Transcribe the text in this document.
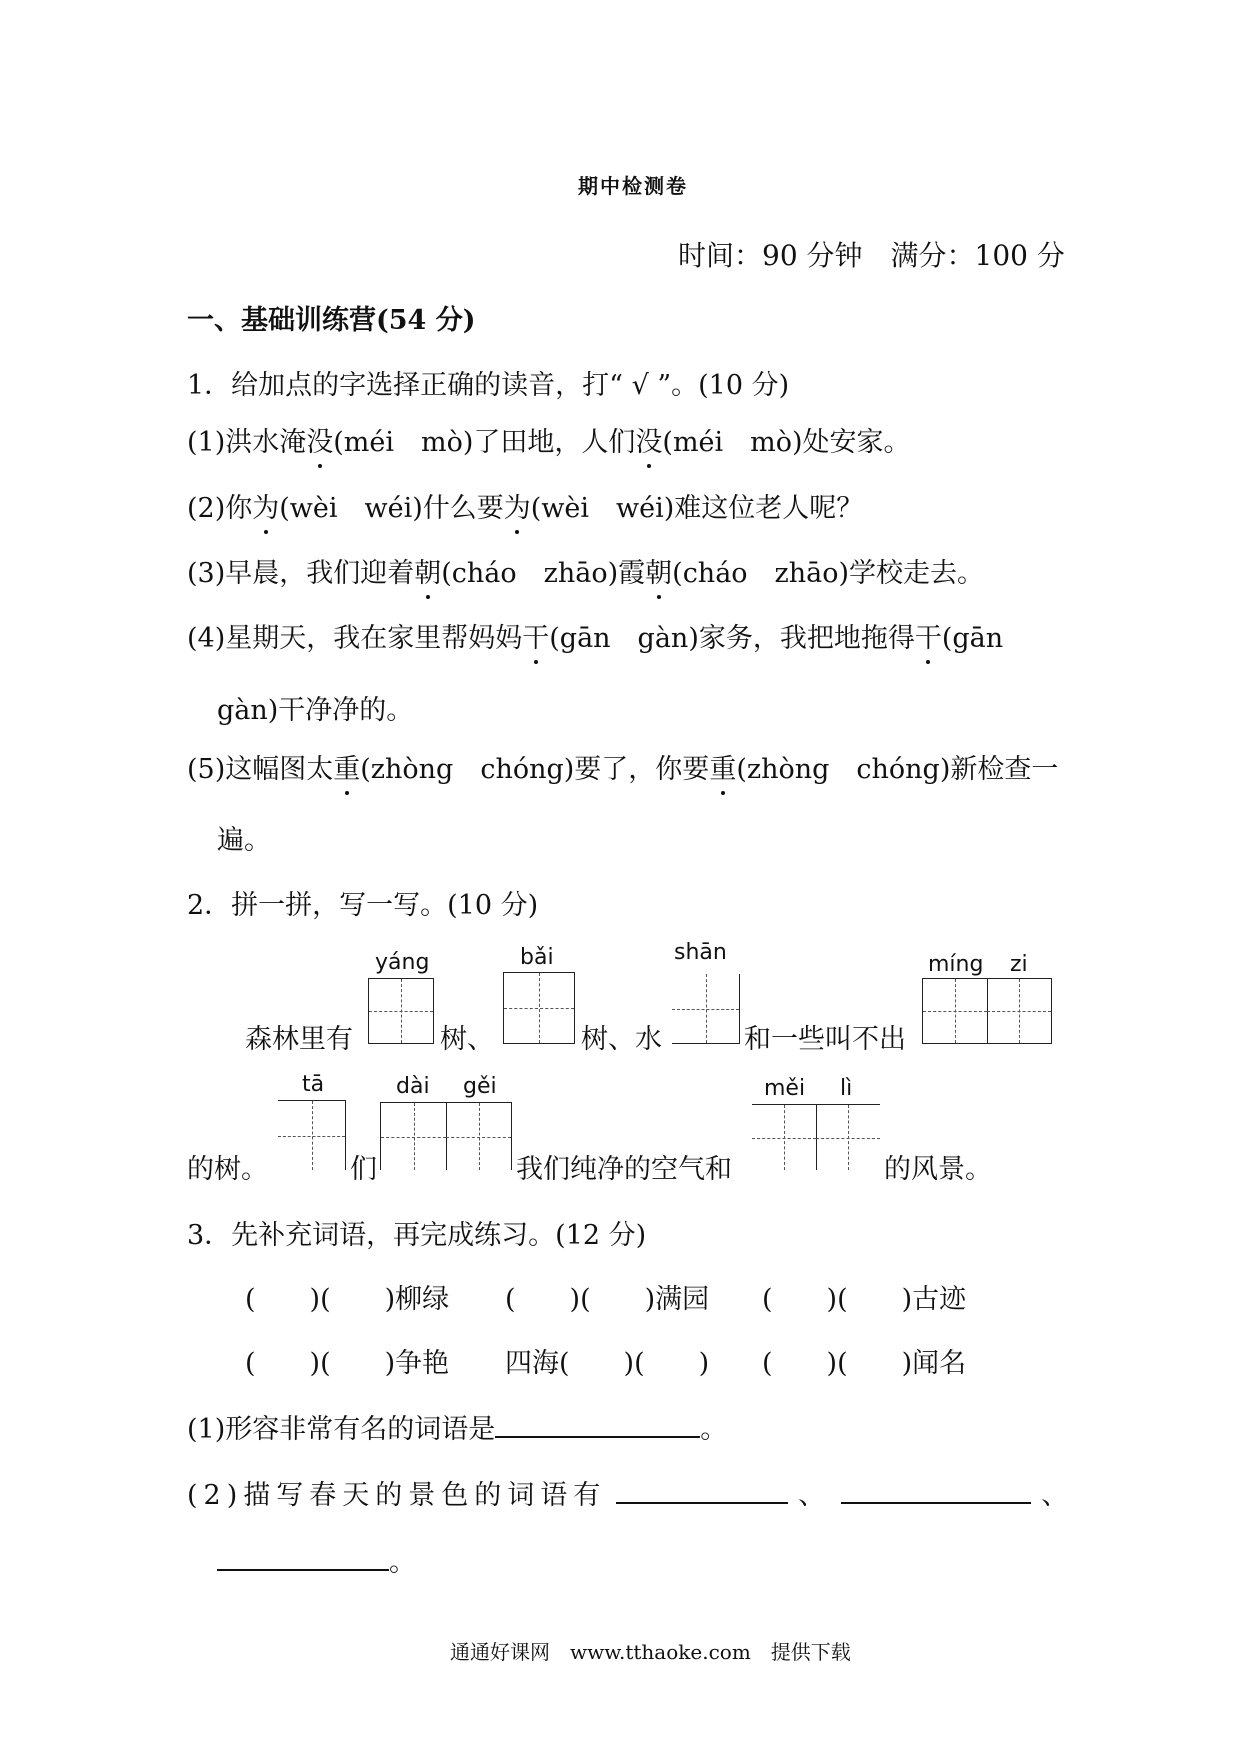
期中检测卷
时间：90 分钟　满分：100 分
一、基础训练营(54 分)
1．给加点的字选择正确的读音，打“ √ ”。(10 分)
(1)洪水淹没(méi　mò)了田地，人们没(méi　mò)处安家。
(2)你为(wèi　wéi)什么要为(wèi　wéi)难这位老人呢？
(3)早晨，我们迎着朝(cháo　zhāo)霞朝(cháo　zhāo)学校走去。
(4)星期天，我在家里帮妈妈干(gān　gàn)家务，我把地拖得干(gān
gàn)干净净的。
(5)这幅图太重(zhòng　chóng)要了，你要重(zhòng　chóng)新检查一
遍。
2．拼一拼，写一写。(10 分)
森林里有
yáng
树、
bǎi
树、水
shān
和一些叫不出
míng zi
的树。
tā
们
dài gěi
我们纯净的空气和
měi lì
的风景。
3．先补充词语，再完成练习。(12 分)
(　　)(　　)柳绿 (　　)(　　)满园 (　　)(　　)古迹
(　　)(　　)争艳 四海(　　)(　　) (　　)(　　)闻名
(1)形容非常有名的词语是	。
(2)描写春天的景色的词语有	、	、
。
通通好课网　www.tthaoke.com　提供下载
